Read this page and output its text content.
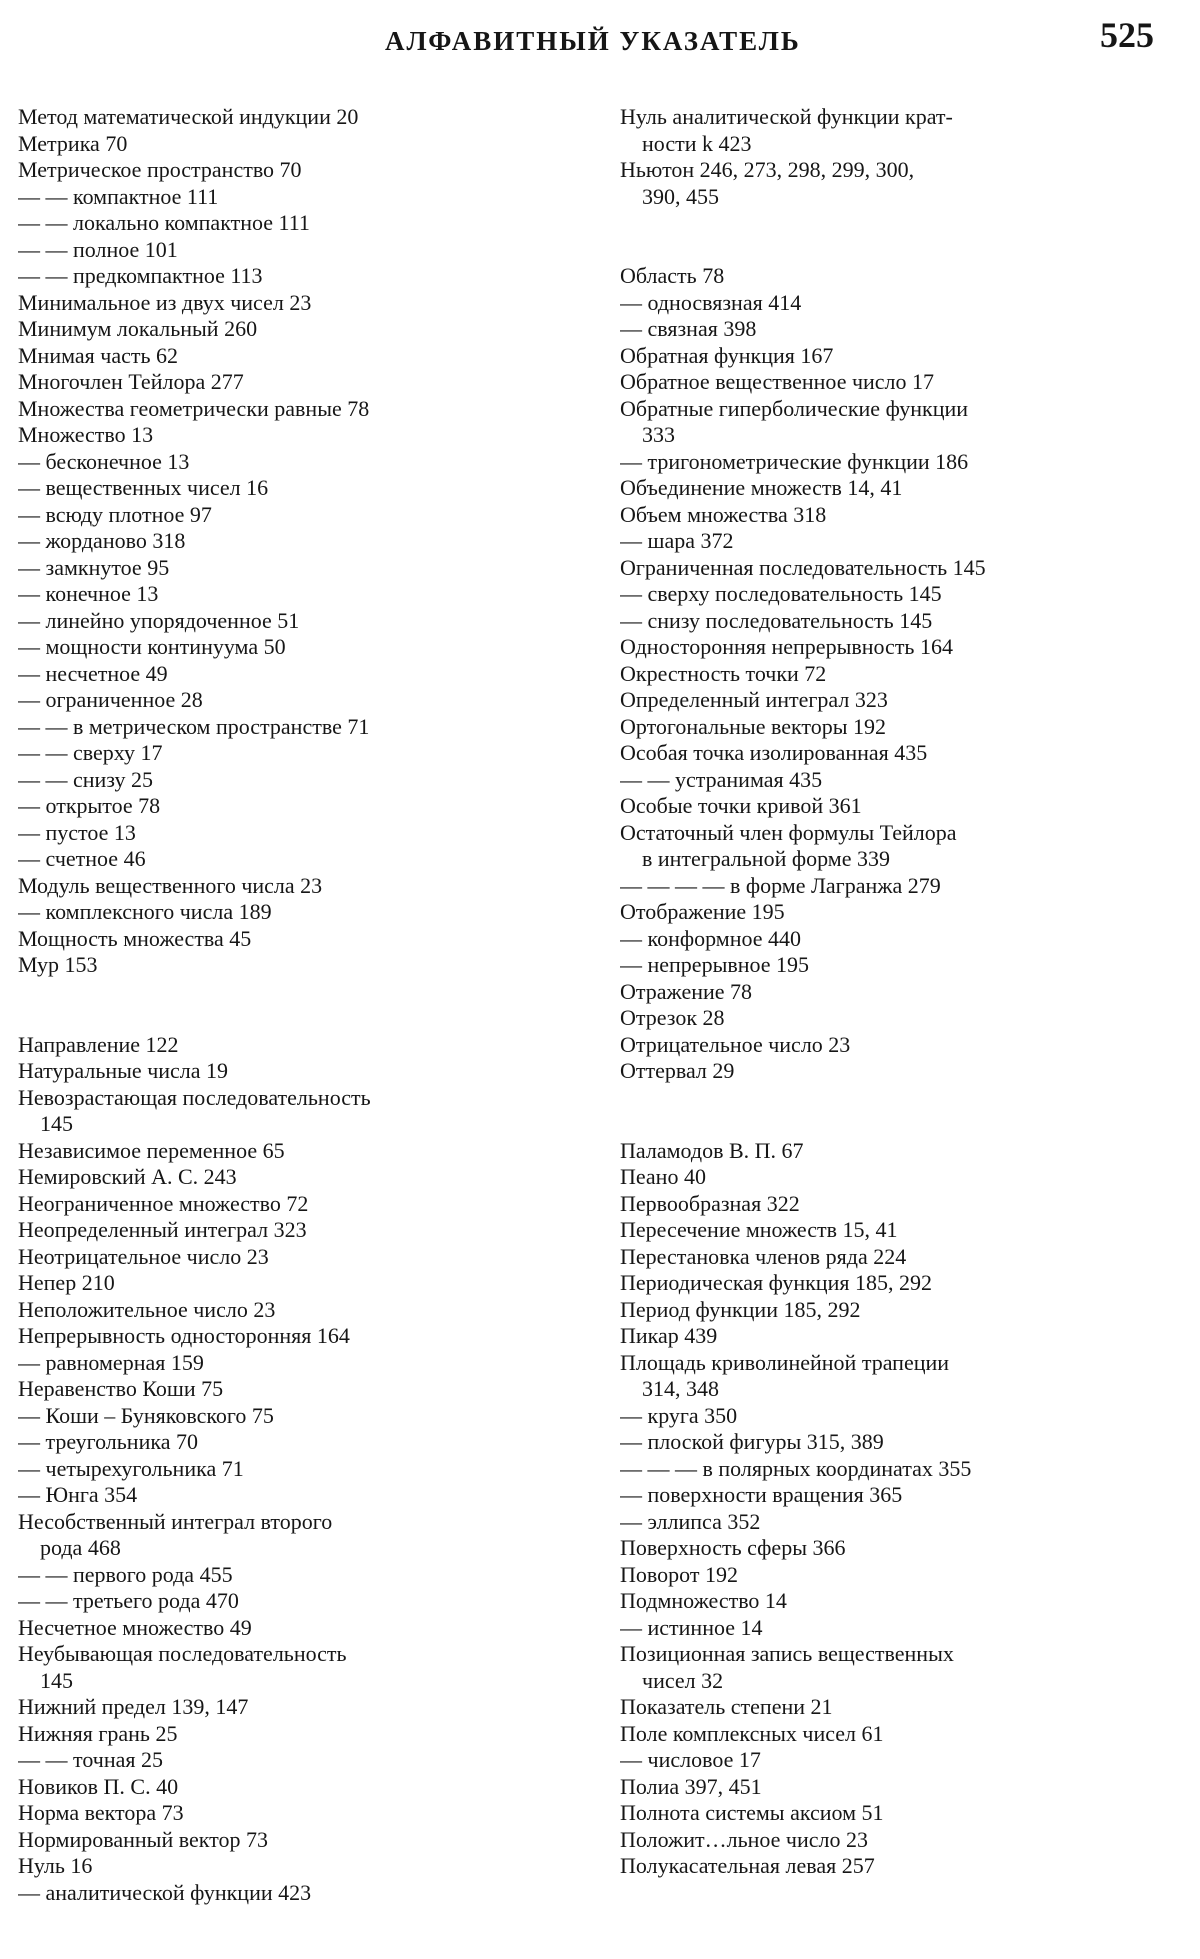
АЛФАВИТНЫЙ УКАЗАТЕЛЬ	525
Метод математической индукции 20
Метрика 70
Метрическое пространство 70
— — компактное 111
— — локально компактное 111
— — полное 101
— — предкомпактное 113
Минимальное из двух чисел 23
Минимум локальный 260
Мнимая часть 62
Многочлен Тейлора 277
Множества геометрически равные 78
Множество 13
— бесконечное 13
— вещественных чисел 16
— всюду плотное 97
— жорданово 318
— замкнутое 95
— конечное 13
— линейно упорядоченное 51
— мощности континуума 50
— несчетное 49
— ограниченное 28
— — в метрическом пространстве 71
— — сверху 17
— — снизу 25
— открытое 78
— пустое 13
— счетное 46
Модуль вещественного числа 23
— комплексного числа 189
Мощность множества 45
Мур 153
Направление 122
Натуральные числа 19
Невозрастающая последовательность
145
Независимое переменное 65
Немировский А. С. 243
Неограниченное множество 72
Неопределенный интеграл 323
Неотрицательное число 23
Непер 210
Неположительное число 23
Непрерывность односторонняя 164
— равномерная 159
Неравенство Коши 75
— Коши – Буняковского 75
— треугольника 70
— четырехугольника 71
— Юнга 354
Несобственный интеграл второго
рода 468
— — первого рода 455
— — третьего рода 470
Несчетное множество 49
Неубывающая последовательность
145
Нижний предел 139, 147
Нижняя грань 25
— — точная 25
Новиков П. С. 40
Норма вектора 73
Нормированный вектор 73
Нуль 16
— аналитической функции 423
Нуль аналитической функции крат-
ности k 423
Ньютон 246, 273, 298, 299, 300,
390, 455
Область 78
— односвязная 414
— связная 398
Обратная функция 167
Обратное вещественное число 17
Обратные гиперболические функции
333
— тригонометрические функции 186
Объединение множеств 14, 41
Объем множества 318
— шара 372
Ограниченная последовательность 145
— сверху последовательность 145
— снизу последовательность 145
Односторонняя непрерывность 164
Окрестность точки 72
Определенный интеграл 323
Ортогональные векторы 192
Особая точка изолированная 435
— — устранимая 435
Особые точки кривой 361
Остаточный член формулы Тейлора
в интегральной форме 339
— — — — в форме Лагранжа 279
Отображение 195
— конформное 440
— непрерывное 195
Отражение 78
Отрезок 28
Отрицательное число 23
Оттервал 29
Паламодов В. П. 67
Пеано 40
Первообразная 322
Пересечение множеств 15, 41
Перестановка членов ряда 224
Периодическая функция 185, 292
Период функции 185, 292
Пикар 439
Площадь криволинейной трапеции
314, 348
— круга 350
— плоской фигуры 315, 389
— — — в полярных координатах 355
— поверхности вращения 365
— эллипса 352
Поверхность сферы 366
Поворот 192
Подмножество 14
— истинное 14
Позиционная запись вещественных
чисел 32
Показатель степени 21
Поле комплексных чисел 61
— числовое 17
Полиа 397, 451
Полнота системы аксиом 51
Положит…льное число 23
Полукасательная левая 257
